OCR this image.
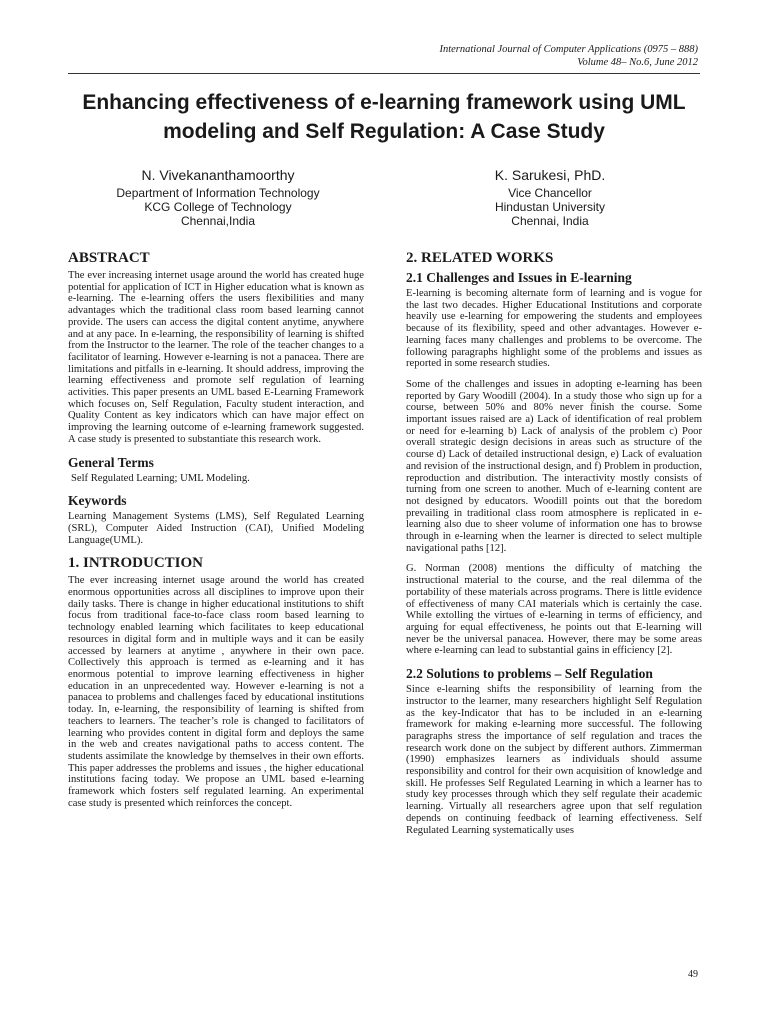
International Journal of Computer Applications (0975 – 888)
Volume 48– No.6, June 2012
Enhancing effectiveness of e-learning framework using UML modeling and Self Regulation: A Case Study
N. Vivekananthamoorthy
Department of Information Technology
KCG College of Technology
Chennai,India
K. Sarukesi, PhD.
Vice Chancellor
Hindustan University
Chennai, India
ABSTRACT

The ever increasing internet usage around the world has created huge potential for application of ICT in Higher education what is known as e-learning. The e-learning offers the users flexibilities and many advantages which the traditional class room based learning cannot provide. The users can access the digital content anytime, anywhere and at any pace. In e-learning, the responsibility of learning is shifted from the Instructor to the learner. The role of the teacher changes to a facilitator of learning. However e-learning is not a panacea. There are limitations and pitfalls in e-learning. It should address, improving the learning effectiveness and promote self regulation of learning activities. This paper presents an UML based E-Learning Framework which focuses on, Self Regulation, Faculty student interaction, and Quality Content as key indicators which can have major effect on improving the learning outcome of e-learning framework suggested. A case study is presented to substantiate this research work.

General Terms

Self Regulated Learning; UML Modeling.

Keywords

Learning Management Systems (LMS), Self Regulated Learning (SRL), Computer Aided Instruction (CAI), Unified Modeling Language(UML).

1. INTRODUCTION

The ever increasing internet usage around the world has created enormous opportunities across all disciplines to improve upon their daily tasks. There is change in higher educational institutions to shift focus from traditional face-to-face class room based learning to technology enabled learning which facilitates to keep educational resources in digital form and in multiple ways and it can be easily accessed by learners at anytime , anywhere in their own pace. Collectively this approach is termed as e-learning and it has enormous potential to improve learning effectiveness in higher education in an unprecedented way. However e-learning is not a panacea to problems and challenges faced by educational institutions today. In, e-learning, the responsibility of learning is shifted from teachers to learners. The teacher’s role is changed to facilitators of learning who provides content in digital form and deploys the same in the web and creates navigational paths to access content. The students assimilate the knowledge by themselves in their own efforts. This paper addresses the problems and issues , the higher educational institutions facing today. We propose an UML based e-learning framework which fosters self regulated learning. An experimental case study is presented which reinforces the concept.

2. RELATED WORKS
2.1 Challenges and Issues in E-learning

E-learning is becoming alternate form of learning and is vogue for the last two decades. Higher Educational Institutions and corporate heavily use e-learning for empowering the students and employees because of its flexibility, speed and other advantages. However e-learning faces many challenges and problems to be overcome. The following paragraphs highlight some of the problems and issues as reported in some research studies.

Some of the challenges and issues in adopting e-learning has been reported by Gary Woodill (2004). In a study those who sign up for a course, between 50% and 80% never finish the course. Some important issues raised are a) Lack of identification of real problem or need for e-learning b) Lack of analysis of the problem c) Poor overall strategic design decisions in areas such as structure of the course d) Lack of detailed instructional design, e) Lack of evaluation and revision of the instructional design, and f) Problem in production, reproduction and distribution. The interactivity mostly consists of turning from one screen to another. Much of e-learning content are not designed by educators. Woodill points out that the boredom prevailing in traditional class room atmosphere is replicated in e-learning also due to sheer volume of information one has to browse through in e-learning when the learner is directed to select multiple navigational paths [12].

G. Norman (2008) mentions the difficulty of matching the instructional material to the course, and the real dilemma of the portability of these materials across programs. There is little evidence of effectiveness of many CAI materials which is certainly the case. While extolling the virtues of e-learning in terms of efficiency, and arguing for equal effectiveness, he points out that E-learning will never be the universal panacea. However, there may be some areas where e-learning can lead to substantial gains in efficiency [2].

2.2 Solutions to problems – Self Regulation

Since e-learning shifts the responsibility of learning from the instructor to the learner, many researchers highlight Self Regulation as the key-Indicator that has to be included in an e-learning framework for making e-learning more successful. The following paragraphs stress the importance of self regulation and traces the research work done on the subject by different authors. Zimmerman (1990) emphasizes learners as individuals should assume responsibility and control for their own acquisition of knowledge and skill. He professes Self Regulated Learning in which a learner has to study key processes through which they self regulate their academic learning. Virtually all researchers agree upon that self regulation depends on continuing feedback of learning effectiveness. Self Regulated Learning systematically uses

49
